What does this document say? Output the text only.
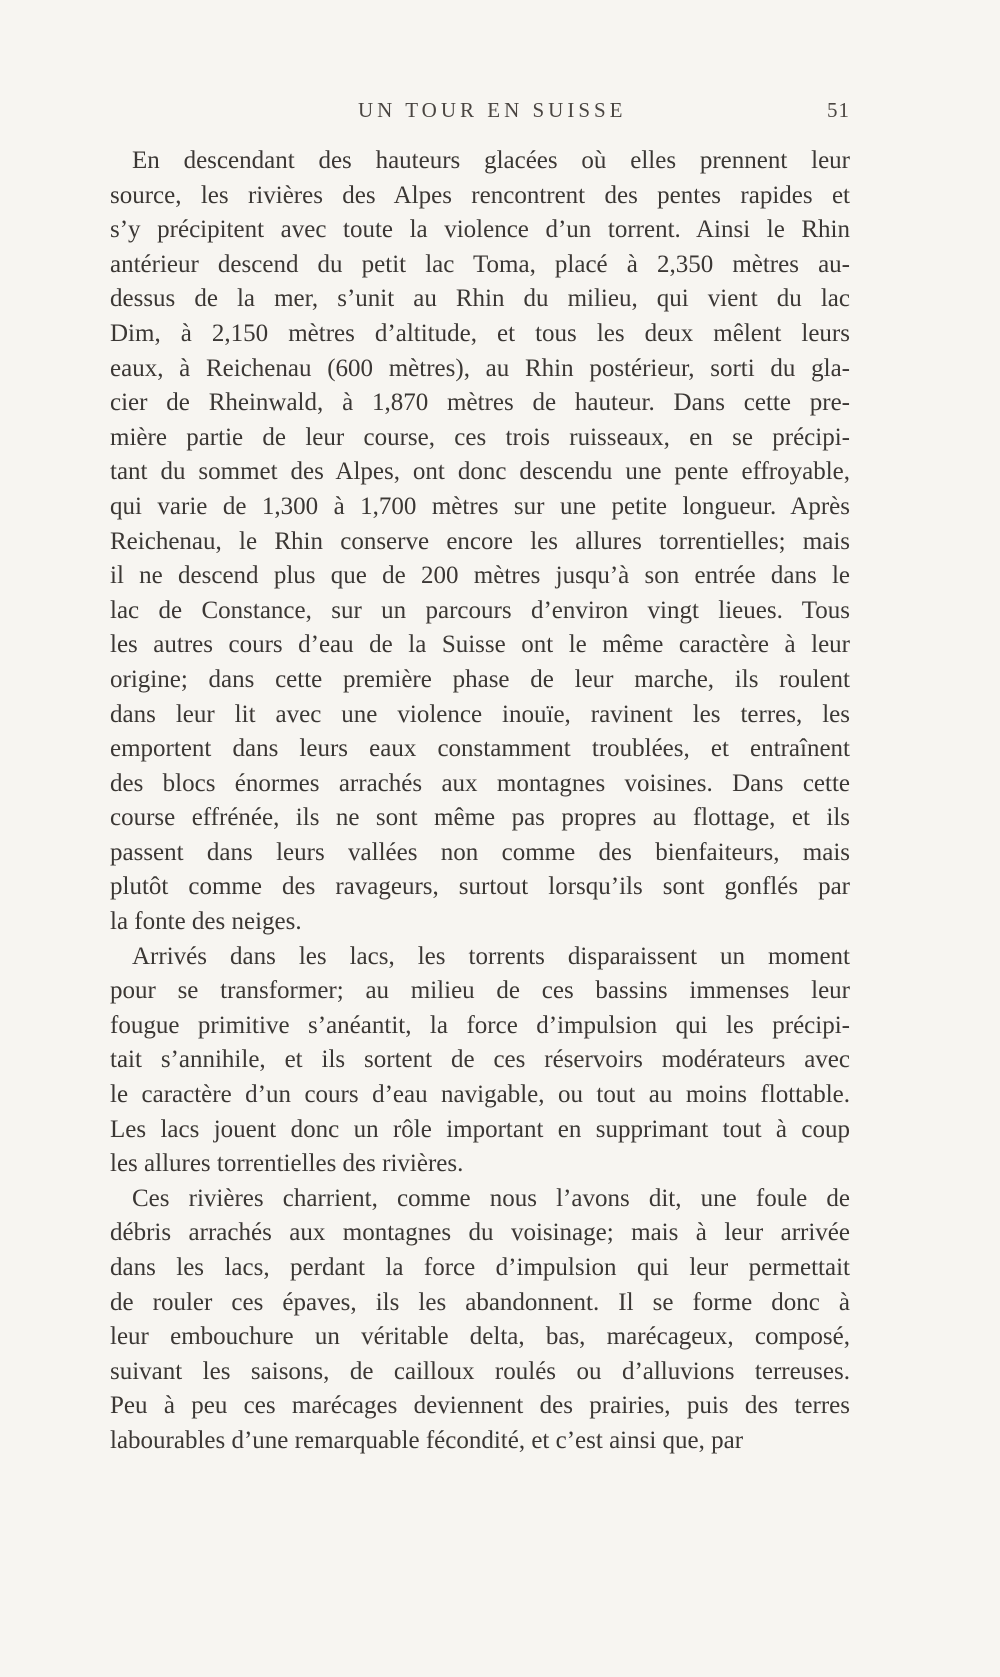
UN TOUR EN SUISSE	51
En descendant des hauteurs glacées où elles prennent leur
source, les rivières des Alpes rencontrent des pentes rapides et
s’y précipitent avec toute la violence d’un torrent. Ainsi le Rhin
antérieur descend du petit lac Toma, placé à 2,350 mètres au-
dessus de la mer, s’unit au Rhin du milieu, qui vient du lac
Dim, à 2,150 mètres d’altitude, et tous les deux mêlent leurs
eaux, à Reichenau (600 mètres), au Rhin postérieur, sorti du gla-
cier de Rheinwald, à 1,870 mètres de hauteur. Dans cette pre-
mière partie de leur course, ces trois ruisseaux, en se précipi-
tant du sommet des Alpes, ont donc descendu une pente effroyable,
qui varie de 1,300 à 1,700 mètres sur une petite longueur. Après
Reichenau, le Rhin conserve encore les allures torrentielles; mais
il ne descend plus que de 200 mètres jusqu’à son entrée dans le
lac de Constance, sur un parcours d’environ vingt lieues. Tous
les autres cours d’eau de la Suisse ont le même caractère à leur
origine; dans cette première phase de leur marche, ils roulent
dans leur lit avec une violence inouïe, ravinent les terres, les
emportent dans leurs eaux constamment troublées, et entraînent
des blocs énormes arrachés aux montagnes voisines. Dans cette
course effrénée, ils ne sont même pas propres au flottage, et ils
passent dans leurs vallées non comme des bienfaiteurs, mais
plutôt comme des ravageurs, surtout lorsqu’ils sont gonflés par
la fonte des neiges.
Arrivés dans les lacs, les torrents disparaissent un moment
pour se transformer; au milieu de ces bassins immenses leur
fougue primitive s’anéantit, la force d’impulsion qui les précipi-
tait s’annihile, et ils sortent de ces réservoirs modérateurs avec
le caractère d’un cours d’eau navigable, ou tout au moins flottable.
Les lacs jouent donc un rôle important en supprimant tout à coup
les allures torrentielles des rivières.
Ces rivières charrient, comme nous l’avons dit, une foule de
débris arrachés aux montagnes du voisinage; mais à leur arrivée
dans les lacs, perdant la force d’impulsion qui leur permettait
de rouler ces épaves, ils les abandonnent. Il se forme donc à
leur embouchure un véritable delta, bas, marécageux, composé,
suivant les saisons, de cailloux roulés ou d’alluvions terreuses.
Peu à peu ces marécages deviennent des prairies, puis des terres
labourables d’une remarquable fécondité, et c’est ainsi que, par
